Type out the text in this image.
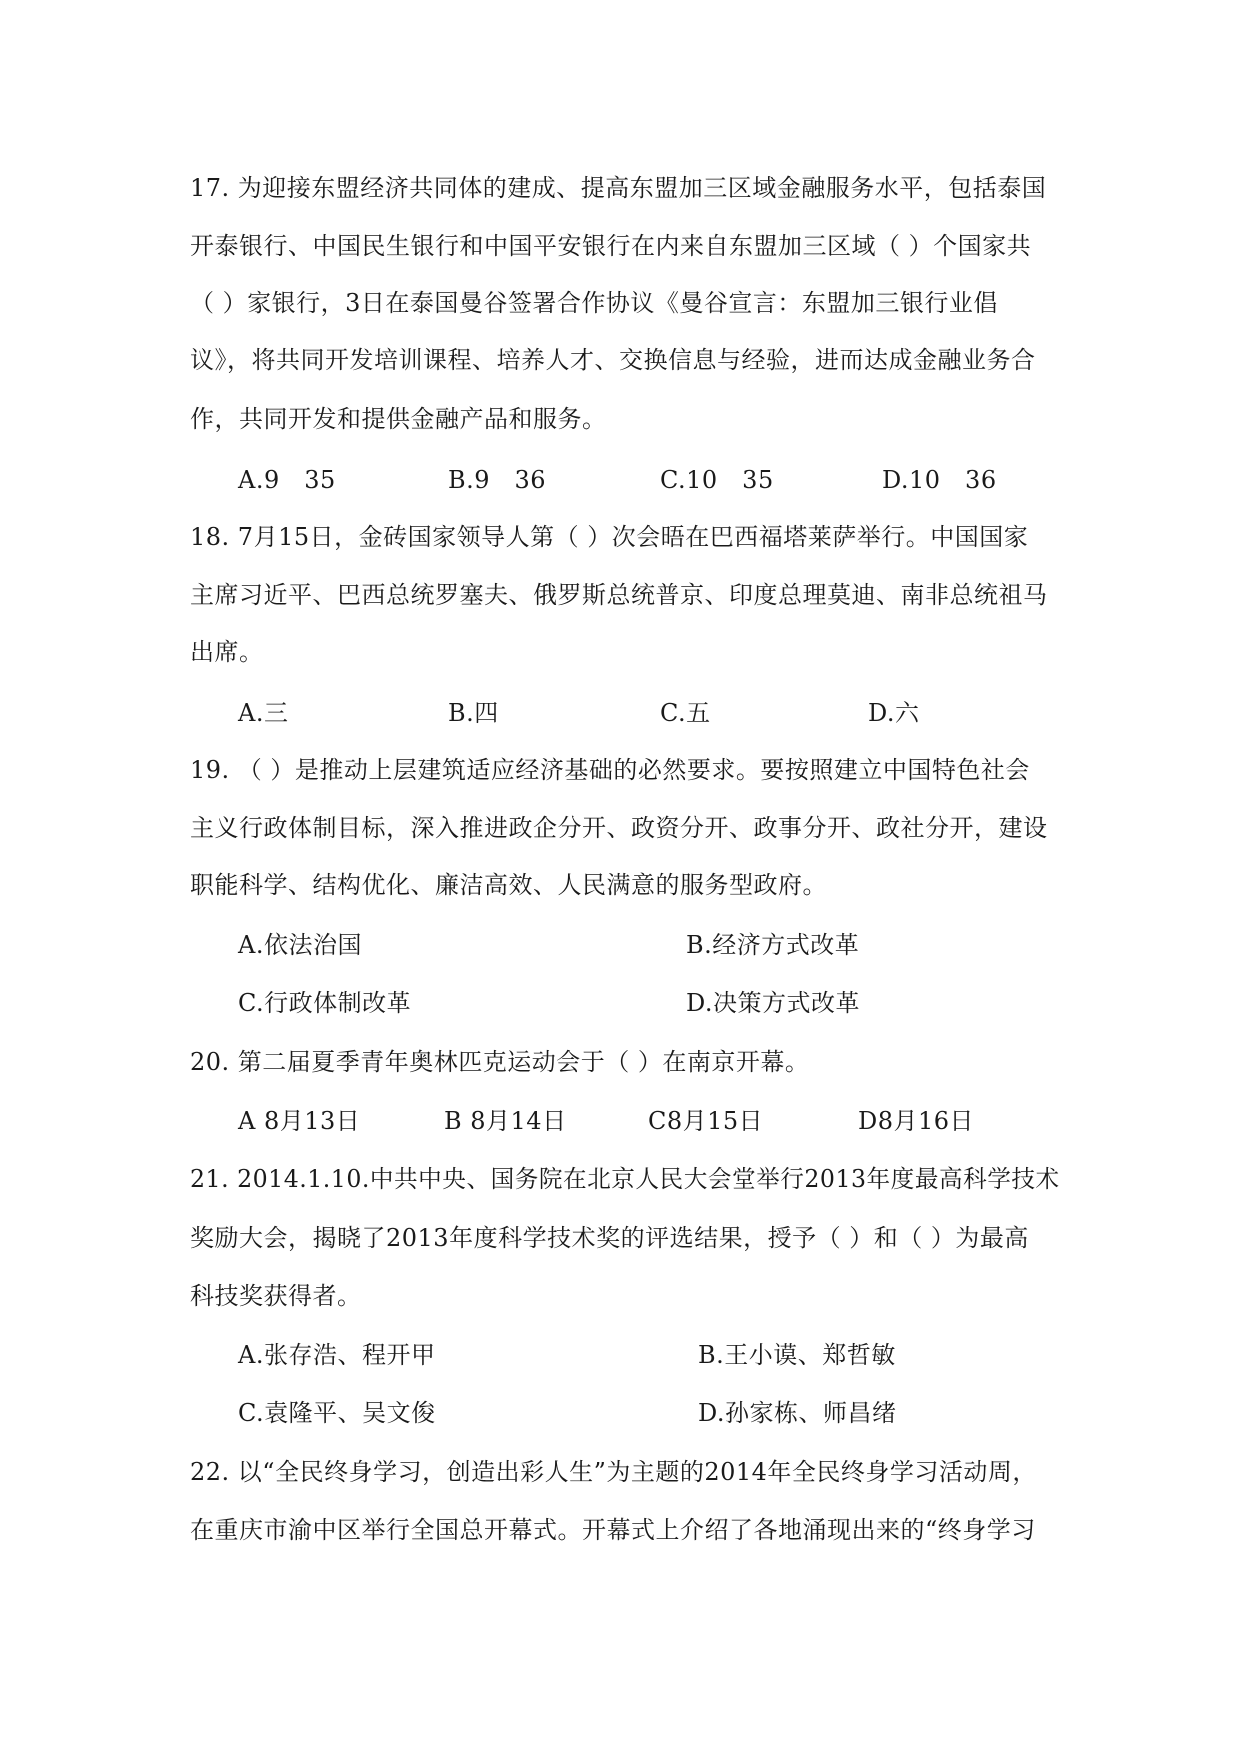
17. 为迎接东盟经济共同体的建成、提高东盟加三区域金融服务水平，包括泰国
开泰银行、中国民生银行和中国平安银行在内来自东盟加三区域（ ）个国家共
（ ）家银行，3日在泰国曼谷签署合作协议《曼谷宣言：东盟加三银行业倡
议》，将共同开发培训课程、培养人才、交换信息与经验，进而达成金融业务合
作，共同开发和提供金融产品和服务。
A.9　35	B.9　36	C.10　35	D.10　36
18. 7月15日，金砖国家领导人第（ ）次会晤在巴西福塔莱萨举行。中国国家
主席习近平、巴西总统罗塞夫、俄罗斯总统普京、印度总理莫迪、南非总统祖马
出席。
A.三	B.四	C.五	D.六
19. （ ）是推动上层建筑适应经济基础的必然要求。要按照建立中国特色社会
主义行政体制目标，深入推进政企分开、政资分开、政事分开、政社分开，建设
职能科学、结构优化、廉洁高效、人民满意的服务型政府。
A.依法治国	B.经济方式改革
C.行政体制改革	D.决策方式改革
20. 第二届夏季青年奥林匹克运动会于（ ）在南京开幕。
A 8月13日	B 8月14日	C8月15日	D8月16日
21. 2014.1.10.中共中央、国务院在北京人民大会堂举行2013年度最高科学技术
奖励大会，揭晓了2013年度科学技术奖的评选结果，授予（ ）和（ ）为最高
科技奖获得者。
A.张存浩、程开甲	B.王小谟、郑哲敏
C.袁隆平、吴文俊	D.孙家栋、师昌绪
22. 以“全民终身学习，创造出彩人生”为主题的2014年全民终身学习活动周，
在重庆市渝中区举行全国总开幕式。开幕式上介绍了各地涌现出来的“终身学习
